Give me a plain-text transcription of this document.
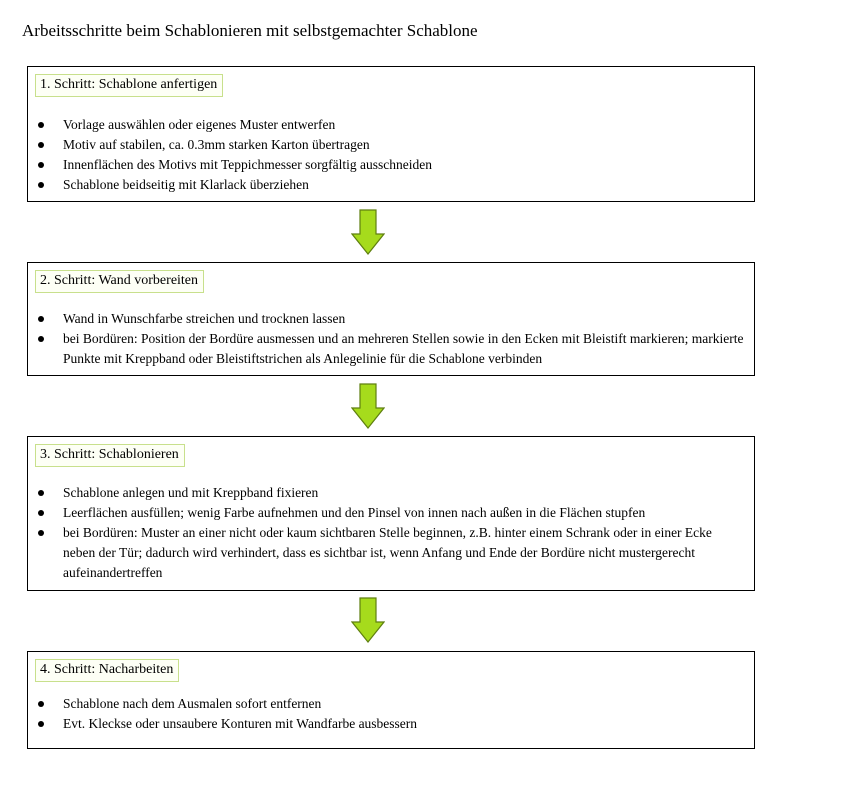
Arbeitsschritte beim Schablonieren mit selbstgemachter Schablone
1. Schritt: Schablone anfertigen
Vorlage auswählen oder eigenes Muster entwerfen
Motiv auf stabilen, ca. 0.3mm starken Karton übertragen
Innenflächen des Motivs mit Teppichmesser sorgfältig ausschneiden
Schablone beidseitig mit Klarlack überziehen
2. Schritt: Wand vorbereiten
Wand in Wunschfarbe streichen und trocknen lassen
bei Bordüren: Position der Bordüre ausmessen und an mehreren Stellen sowie in den Ecken mit Bleistift markieren; markierte Punkte mit Kreppband oder Bleistiftstrichen als Anlegelinie für die Schablone verbinden
3. Schritt: Schablonieren
Schablone anlegen und mit Kreppband fixieren
Leerflächen ausfüllen; wenig Farbe aufnehmen und den Pinsel von innen nach außen in die Flächen stupfen
bei Bordüren: Muster an einer nicht oder kaum sichtbaren Stelle beginnen, z.B. hinter einem Schrank oder in einer Ecke neben der Tür; dadurch wird verhindert, dass es sichtbar ist, wenn Anfang und Ende der Bordüre nicht mustergerecht aufeinandertreffen
4. Schritt: Nacharbeiten
Schablone nach dem Ausmalen sofort entfernen
Evt. Kleckse oder unsaubere Konturen mit Wandfarbe ausbessern
